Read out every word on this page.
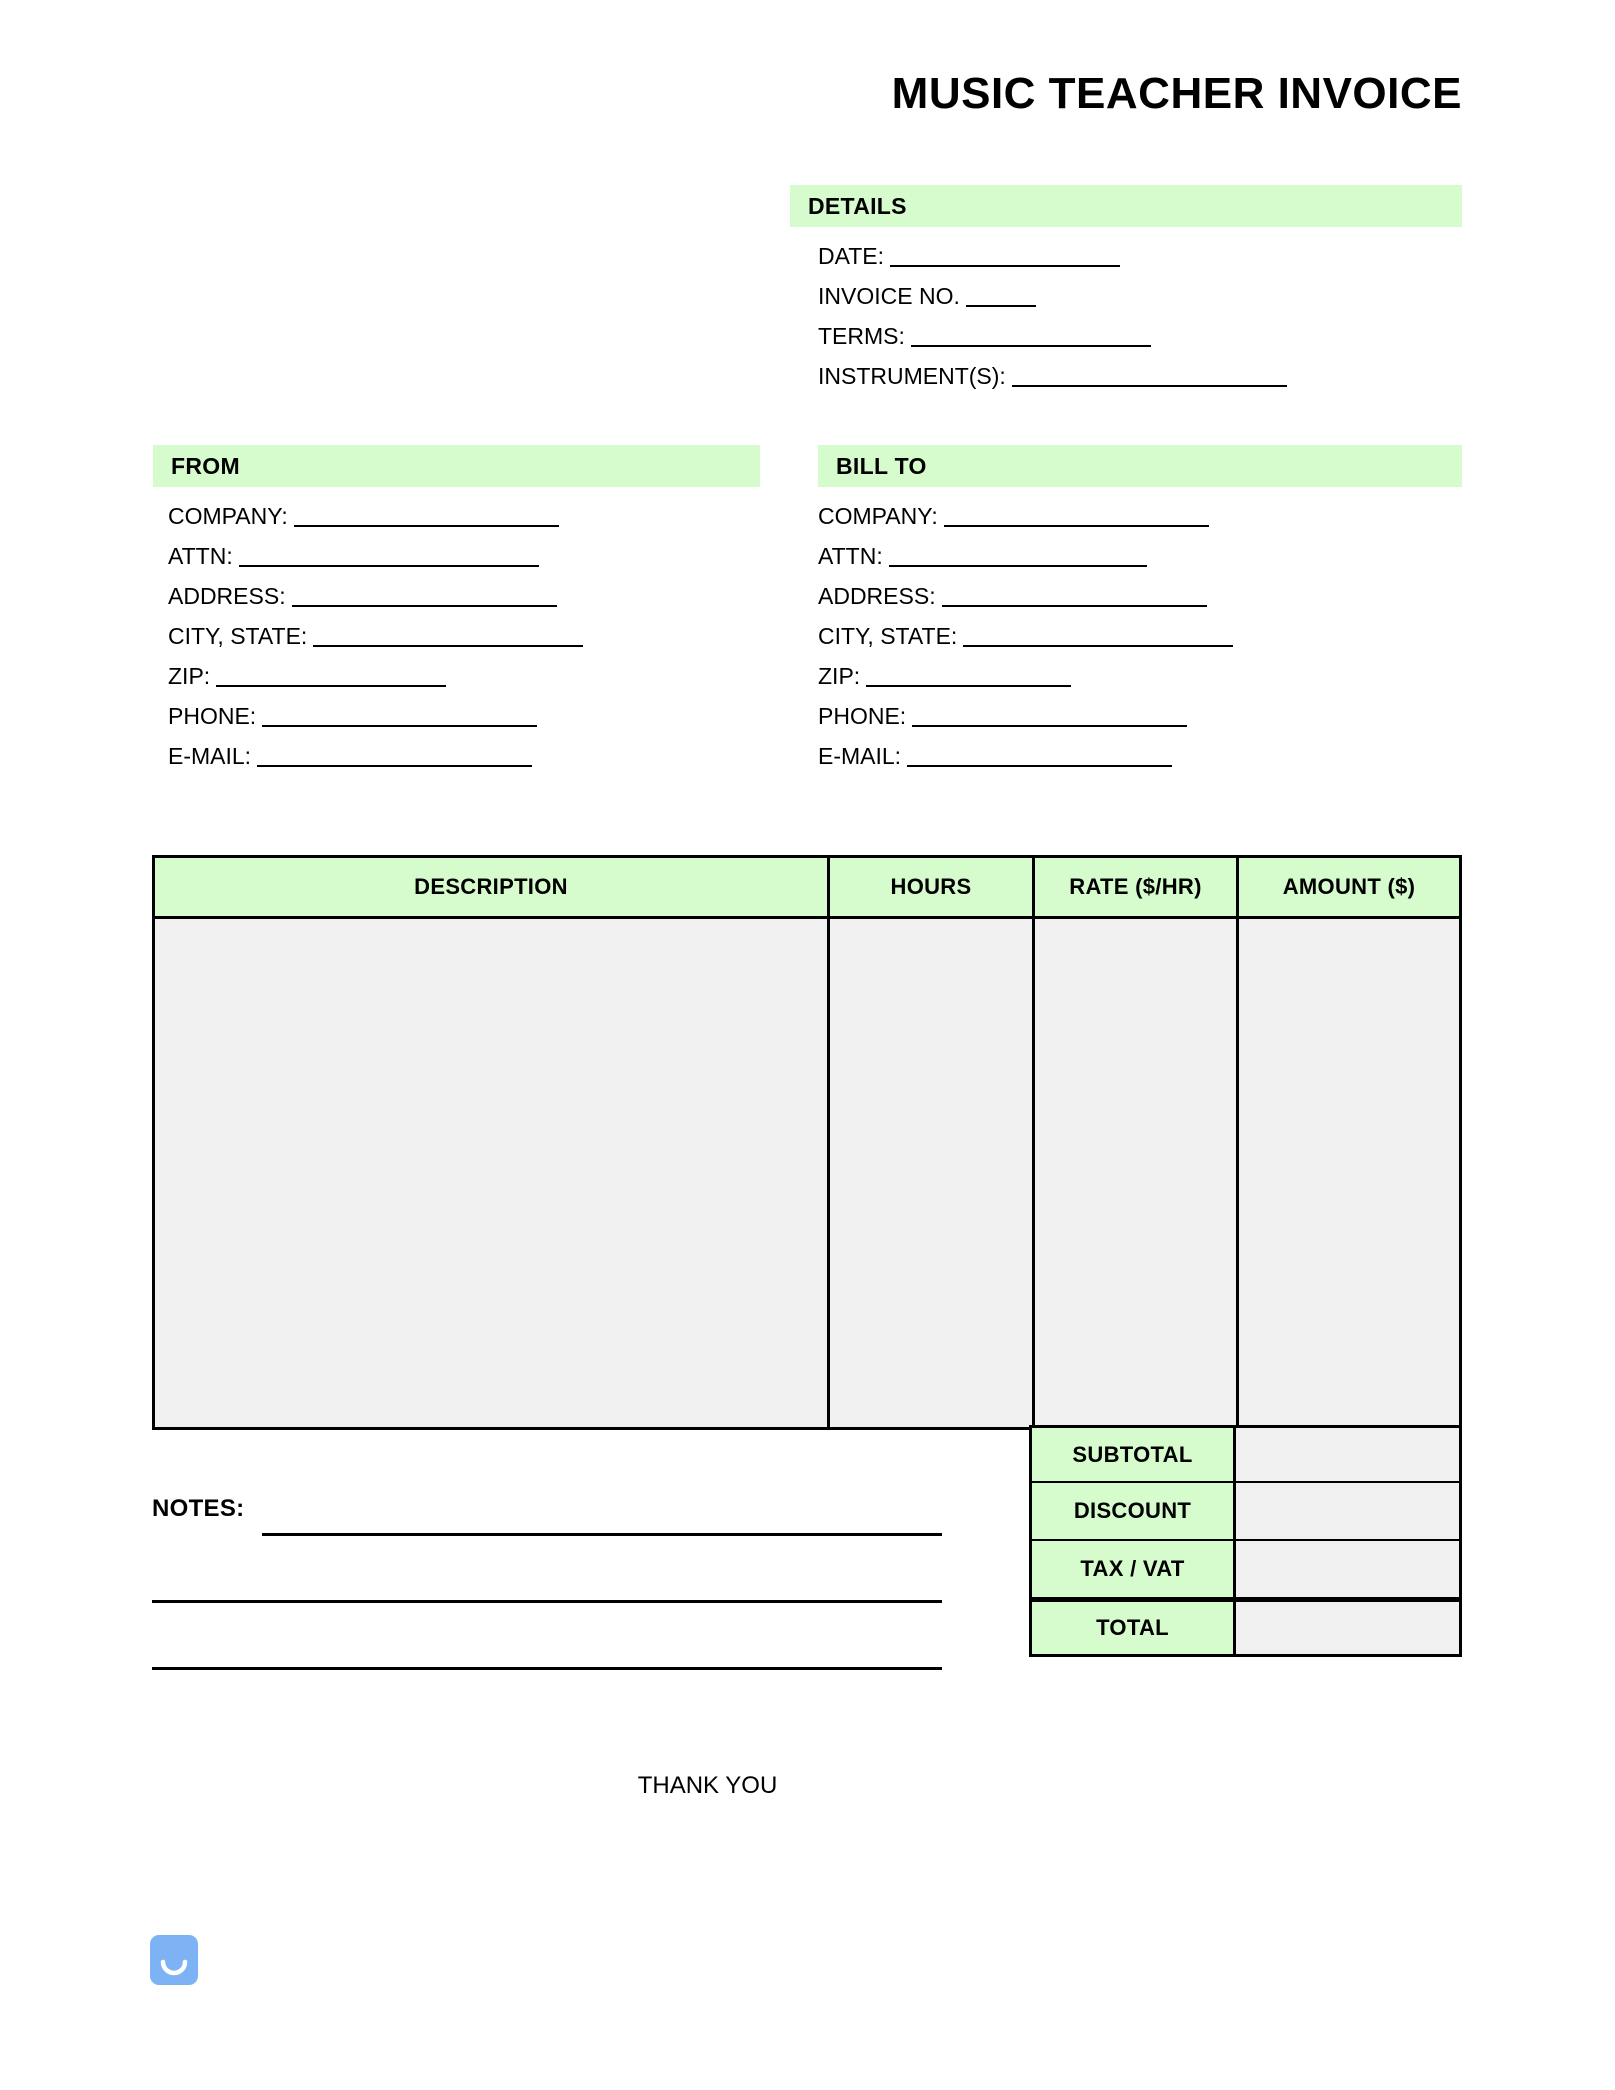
MUSIC TEACHER INVOICE
DETAILS
DATE:
INVOICE NO.
TERMS:
INSTRUMENT(S):
FROM
COMPANY:
ATTN:
ADDRESS:
CITY, STATE:
ZIP:
PHONE:
E-MAIL:
BILL TO
COMPANY:
ATTN:
ADDRESS:
CITY, STATE:
ZIP:
PHONE:
E-MAIL:
DESCRIPTION	HOURS	RATE ($/HR)	AMOUNT ($)
SUBTOTAL
DISCOUNT
TAX / VAT
TOTAL
NOTES:
THANK YOU
